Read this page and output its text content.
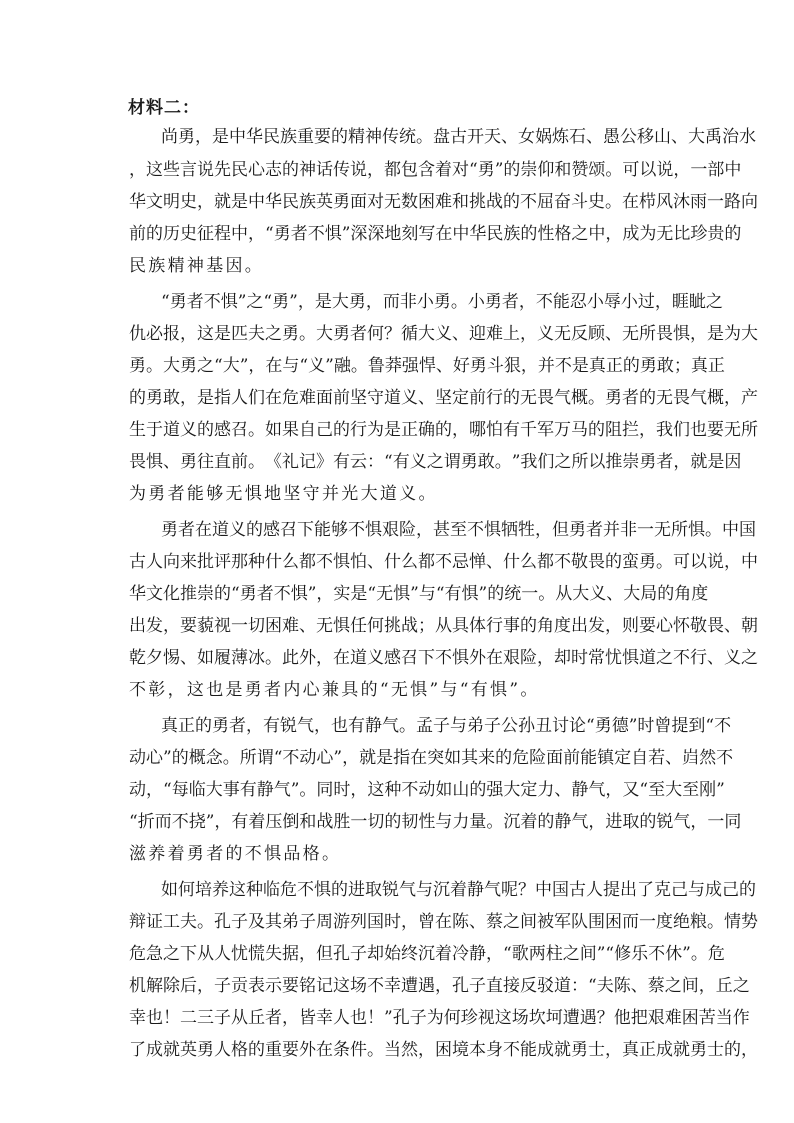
材料二：
尚 勇 ， 是 中 华 民 族 重 要 的 精 神 传 统 。 盘 古 开 天 、 女 娲 炼 石 、 愚 公 移 山 、 大 禹 治 水
， 这 些 言 说 先 民 心 志 的 神 话 传 说 ， 都 包 含 着 对 “ 勇 ” 的 崇 仰 和 赞 颂 。 可 以 说 ， 一 部 中
华 文 明 史 ， 就 是 中 华 民 族 英 勇 面 对 无 数 困 难 和 挑 战 的 不 屈 奋 斗 史 。 在 栉 风 沐 雨 一 路 向
前 的 历 史 征 程 中 ， “ 勇 者 不 惧 ” 深 深 地 刻 写 在 中 华 民 族 的 性 格 之 中 ， 成 为 无 比 珍 贵 的
民 族 精 神 基 因 。
“ 勇 者 不 惧 ” 之 “ 勇 ” ， 是 大 勇 ， 而 非 小 勇 。 小 勇 者 ， 不 能 忍 小 辱 小 过 ， 睚 眦 之
仇 必 报 ， 这 是 匹 夫 之 勇 。 大 勇 者 何 ？ 循 大 义 、 迎 难 上 ， 义 无 反 顾 、 无 所 畏 惧 ， 是 为 大
勇 。 大 勇 之 “ 大 ” ， 在 与 “ 义 ” 融 。 鲁 莽 强 悍 、 好 勇 斗 狠 ， 并 不 是 真 正 的 勇 敢 ； 真 正
的 勇 敢 ， 是 指 人 们 在 危 难 面 前 坚 守 道 义 、 坚 定 前 行 的 无 畏 气 概 。 勇 者 的 无 畏 气 概 ， 产
生 于 道 义 的 感 召 。 如 果 自 己 的 行 为 是 正 确 的 ， 哪 怕 有 千 军 万 马 的 阻 拦 ， 我 们 也 要 无 所
畏 惧 、 勇 往 直 前 。 《 礼 记 》 有 云 ： “ 有 义 之 谓 勇 敢 。 ” 我 们 之 所 以 推 崇 勇 者 ， 就 是 因
为 勇 者 能 够 无 惧 地 坚 守 并 光 大 道 义 。
勇 者 在 道 义 的 感 召 下 能 够 不 惧 艰 险 ， 甚 至 不 惧 牺 牲 ， 但 勇 者 并 非 一 无 所 惧 。 中 国
古 人 向 来 批 评 那 种 什 么 都 不 惧 怕 、 什 么 都 不 忌 惮 、 什 么 都 不 敬 畏 的 蛮 勇 。 可 以 说 ， 中
华 文 化 推 崇 的 “ 勇 者 不 惧 ” ， 实 是 “ 无 惧 ” 与 “ 有 惧 ” 的 统 一 。 从 大 义 、 大 局 的 角 度
出 发 ， 要 藐 视 一 切 困 难 、 无 惧 任 何 挑 战 ； 从 具 体 行 事 的 角 度 出 发 ， 则 要 心 怀 敬 畏 、 朝
乾 夕 惕 、 如 履 薄 冰 。 此 外 ， 在 道 义 感 召 下 不 惧 外 在 艰 险 ， 却 时 常 忧 惧 道 之 不 行 、 义 之
不 彰 ， 这 也 是 勇 者 内 心 兼 具 的 “ 无 惧 ” 与 “ 有 惧 ” 。
真 正 的 勇 者 ， 有 锐 气 ， 也 有 静 气 。 孟 子 与 弟 子 公 孙 丑 讨 论 “ 勇 德 ” 时 曾 提 到 “ 不
动 心 ” 的 概 念 。 所 谓 “ 不 动 心 ” ， 就 是 指 在 突 如 其 来 的 危 险 面 前 能 镇 定 自 若 、 岿 然 不
动 ， “ 每 临 大 事 有 静 气 ” 。 同 时 ， 这 种 不 动 如 山 的 强 大 定 力 、 静 气 ， 又 “ 至 大 至 刚 ”
“ 折 而 不 挠 ” ， 有 着 压 倒 和 战 胜 一 切 的 韧 性 与 力 量 。 沉 着 的 静 气 ， 进 取 的 锐 气 ， 一 同
滋 养 着 勇 者 的 不 惧 品 格 。
如 何 培 养 这 种 临 危 不 惧 的 进 取 锐 气 与 沉 着 静 气 呢 ？ 中 国 古 人 提 出 了 克 己 与 成 己 的
辩 证 工 夫 。 孔 子 及 其 弟 子 周 游 列 国 时 ， 曾 在 陈 、 蔡 之 间 被 军 队 围 困 而 一 度 绝 粮 。 情 势
危 急 之 下 从 人 忧 慌 失 据 ， 但 孔 子 却 始 终 沉 着 冷 静 ， “ 歌 两 柱 之 间 ” “ 修 乐 不 休 ” 。 危
机 解 除 后 ， 子 贡 表 示 要 铭 记 这 场 不 幸 遭 遇 ， 孔 子 直 接 反 驳 道 ： “ 夫 陈 、 蔡 之 间 ， 丘 之
幸 也 ！ 二 三 子 从 丘 者 ， 皆 幸 人 也 ！ ” 孔 子 为 何 珍 视 这 场 坎 坷 遭 遇 ？ 他 把 艰 难 困 苦 当 作
了 成 就 英 勇 人 格 的 重 要 外 在 条 件 。 当 然 ， 困 境 本 身 不 能 成 就 勇 士 ， 真 正 成 就 勇 士 的 ，
